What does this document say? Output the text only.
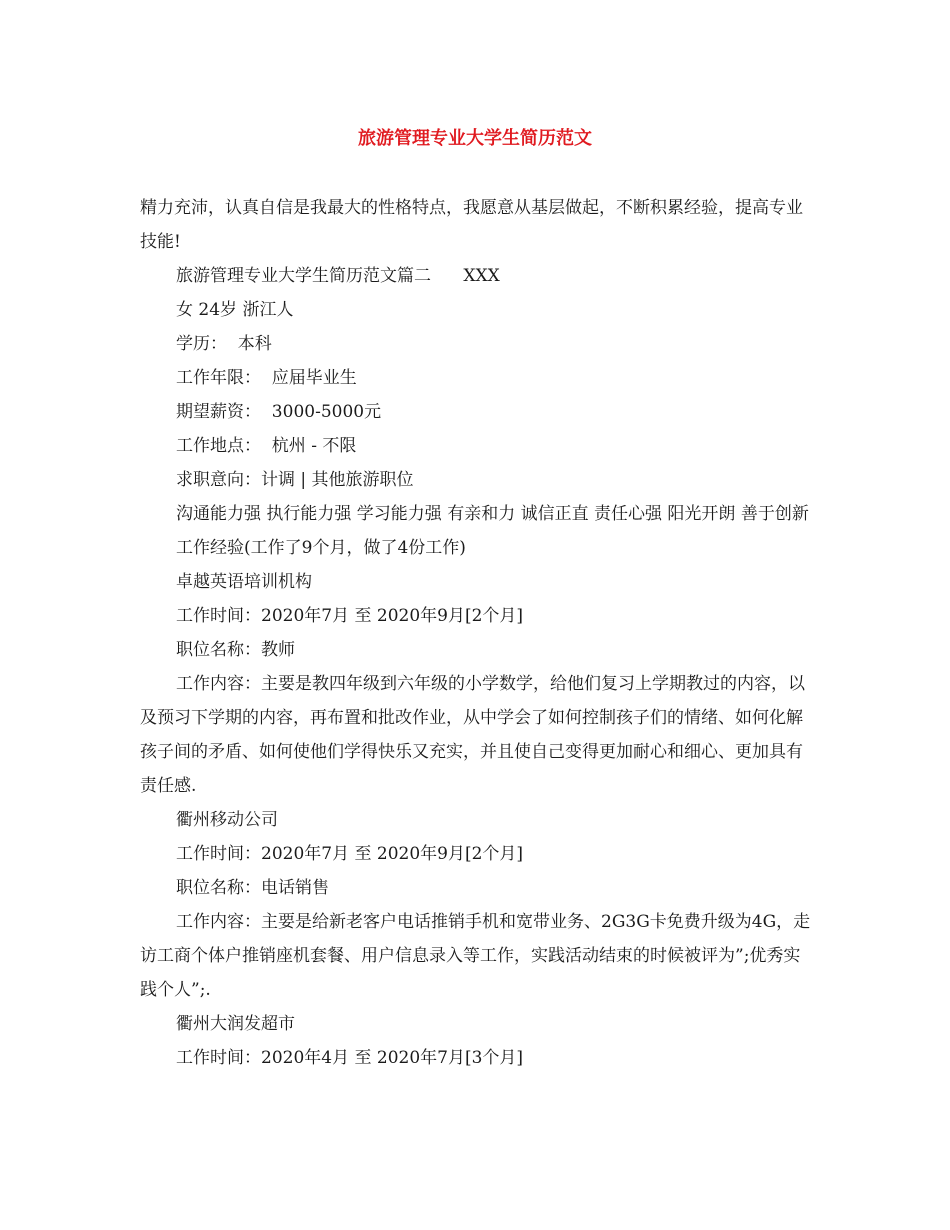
旅游管理专业大学生简历范文

精力充沛，认真自信是我最大的性格特点，我愿意从基层做起，不断积累经验，提高专业技能!

旅游管理专业大学生简历范文篇二      XXX

女 24岁 浙江人

学历：  本科

工作年限：  应届毕业生

期望薪资：  3000-5000元

工作地点：  杭州 - 不限

求职意向：计调 | 其他旅游职位

沟通能力强 执行能力强 学习能力强 有亲和力 诚信正直 责任心强 阳光开朗 善于创新

工作经验(工作了9个月，做了4份工作)

卓越英语培训机构

工作时间：2020年7月 至 2020年9月[2个月]

职位名称：教师

工作内容：主要是教四年级到六年级的小学数学，给他们复习上学期教过的内容，以及预习下学期的内容，再布置和批改作业，从中学会了如何控制孩子们的情绪、如何化解孩子间的矛盾、如何使他们学得快乐又充实，并且使自己变得更加耐心和细心、更加具有责任感.

衢州移动公司

工作时间：2020年7月 至 2020年9月[2个月]

职位名称：电话销售

工作内容：主要是给新老客户电话推销手机和宽带业务、2G3G卡免费升级为4G，走访工商个体户推销座机套餐、用户信息录入等工作，实践活动结束的时候被评为”;优秀实践个人”;.

衢州大润发超市

工作时间：2020年4月 至 2020年7月[3个月]
